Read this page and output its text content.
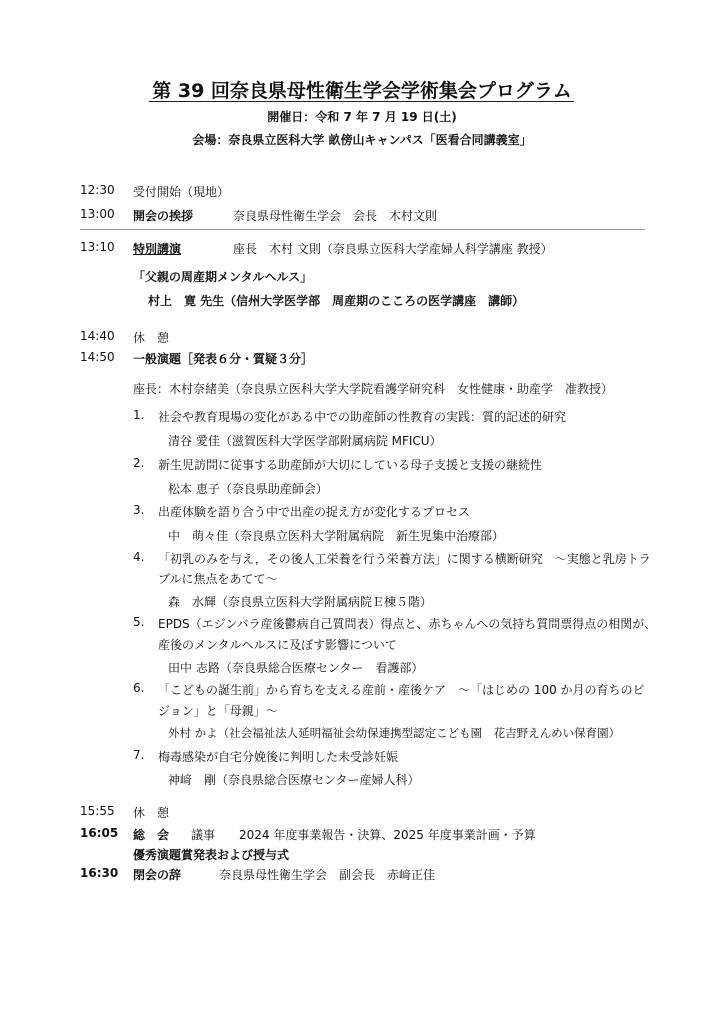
第 39 回奈良県母性衛生学会学術集会プログラム
開催日：令和 7 年 7 月 19 日(土)
会場：奈良県立医科大学 畝傍山キャンパス「医看合同講義室」
12:30 受付開始（現地）
13:00 開会の挨拶	奈良県母性衛生学会　会長　木村文則
13:10 特別講演	座長　木村 文則（奈良県立医科大学産婦人科学講座 教授）
「父親の周産期メンタルヘルス」
村上　寛 先生（信州大学医学部　周産期のこころの医学講座　講師）
14:40 休　憩
14:50 一般演題［発表６分・質疑３分］
座長：木村奈緒美（奈良県立医科大学大学院看護学研究科　女性健康・助産学　准教授）
1. 社会や教育現場の変化がある中での助産師の性教育の実践：質的記述的研究
清谷 愛佳（滋賀医科大学医学部附属病院 MFICU）
2. 新生児訪問に従事する助産師が大切にしている母子支援と支援の継続性
松本 恵子（奈良県助産師会）
3. 出産体験を語り合う中で出産の捉え方が変化するプロセス
中　萌々佳（奈良県立医科大学附属病院　新生児集中治療部）
4. 「初乳のみを与え，その後人工栄養を行う栄養方法」に関する横断研究　～実態と乳房トラ
ブルに焦点をあてて～
森　水輝（奈良県立医科大学附属病院Ｅ棟５階）
5. EPDS（エジンバラ産後鬱病自己質問表）得点と、赤ちゃんへの気持ち質問票得点の相関が、
産後のメンタルヘルスに及ぼす影響について
田中 志路（奈良県総合医療センター　看護部）
6. 「こどもの誕生前」から育ちを支える産前・産後ケア　～「はじめの 100 か月の育ちのビ
ジョン」と「母親」～
外村 かよ（社会福祉法人延明福祉会幼保連携型認定こども園　花吉野えんめい保育園）
7. 梅毒感染が自宅分娩後に判明した未受診妊娠
神﨑　剛（奈良県総合医療センター産婦人科）
15:55 休　憩
16:05 総　会 議事　　2024 年度事業報告・決算、2025 年度事業計画・予算
優秀演題賞発表および授与式
16:30 閉会の辞	奈良県母性衛生学会　副会長　赤﨑正佳
